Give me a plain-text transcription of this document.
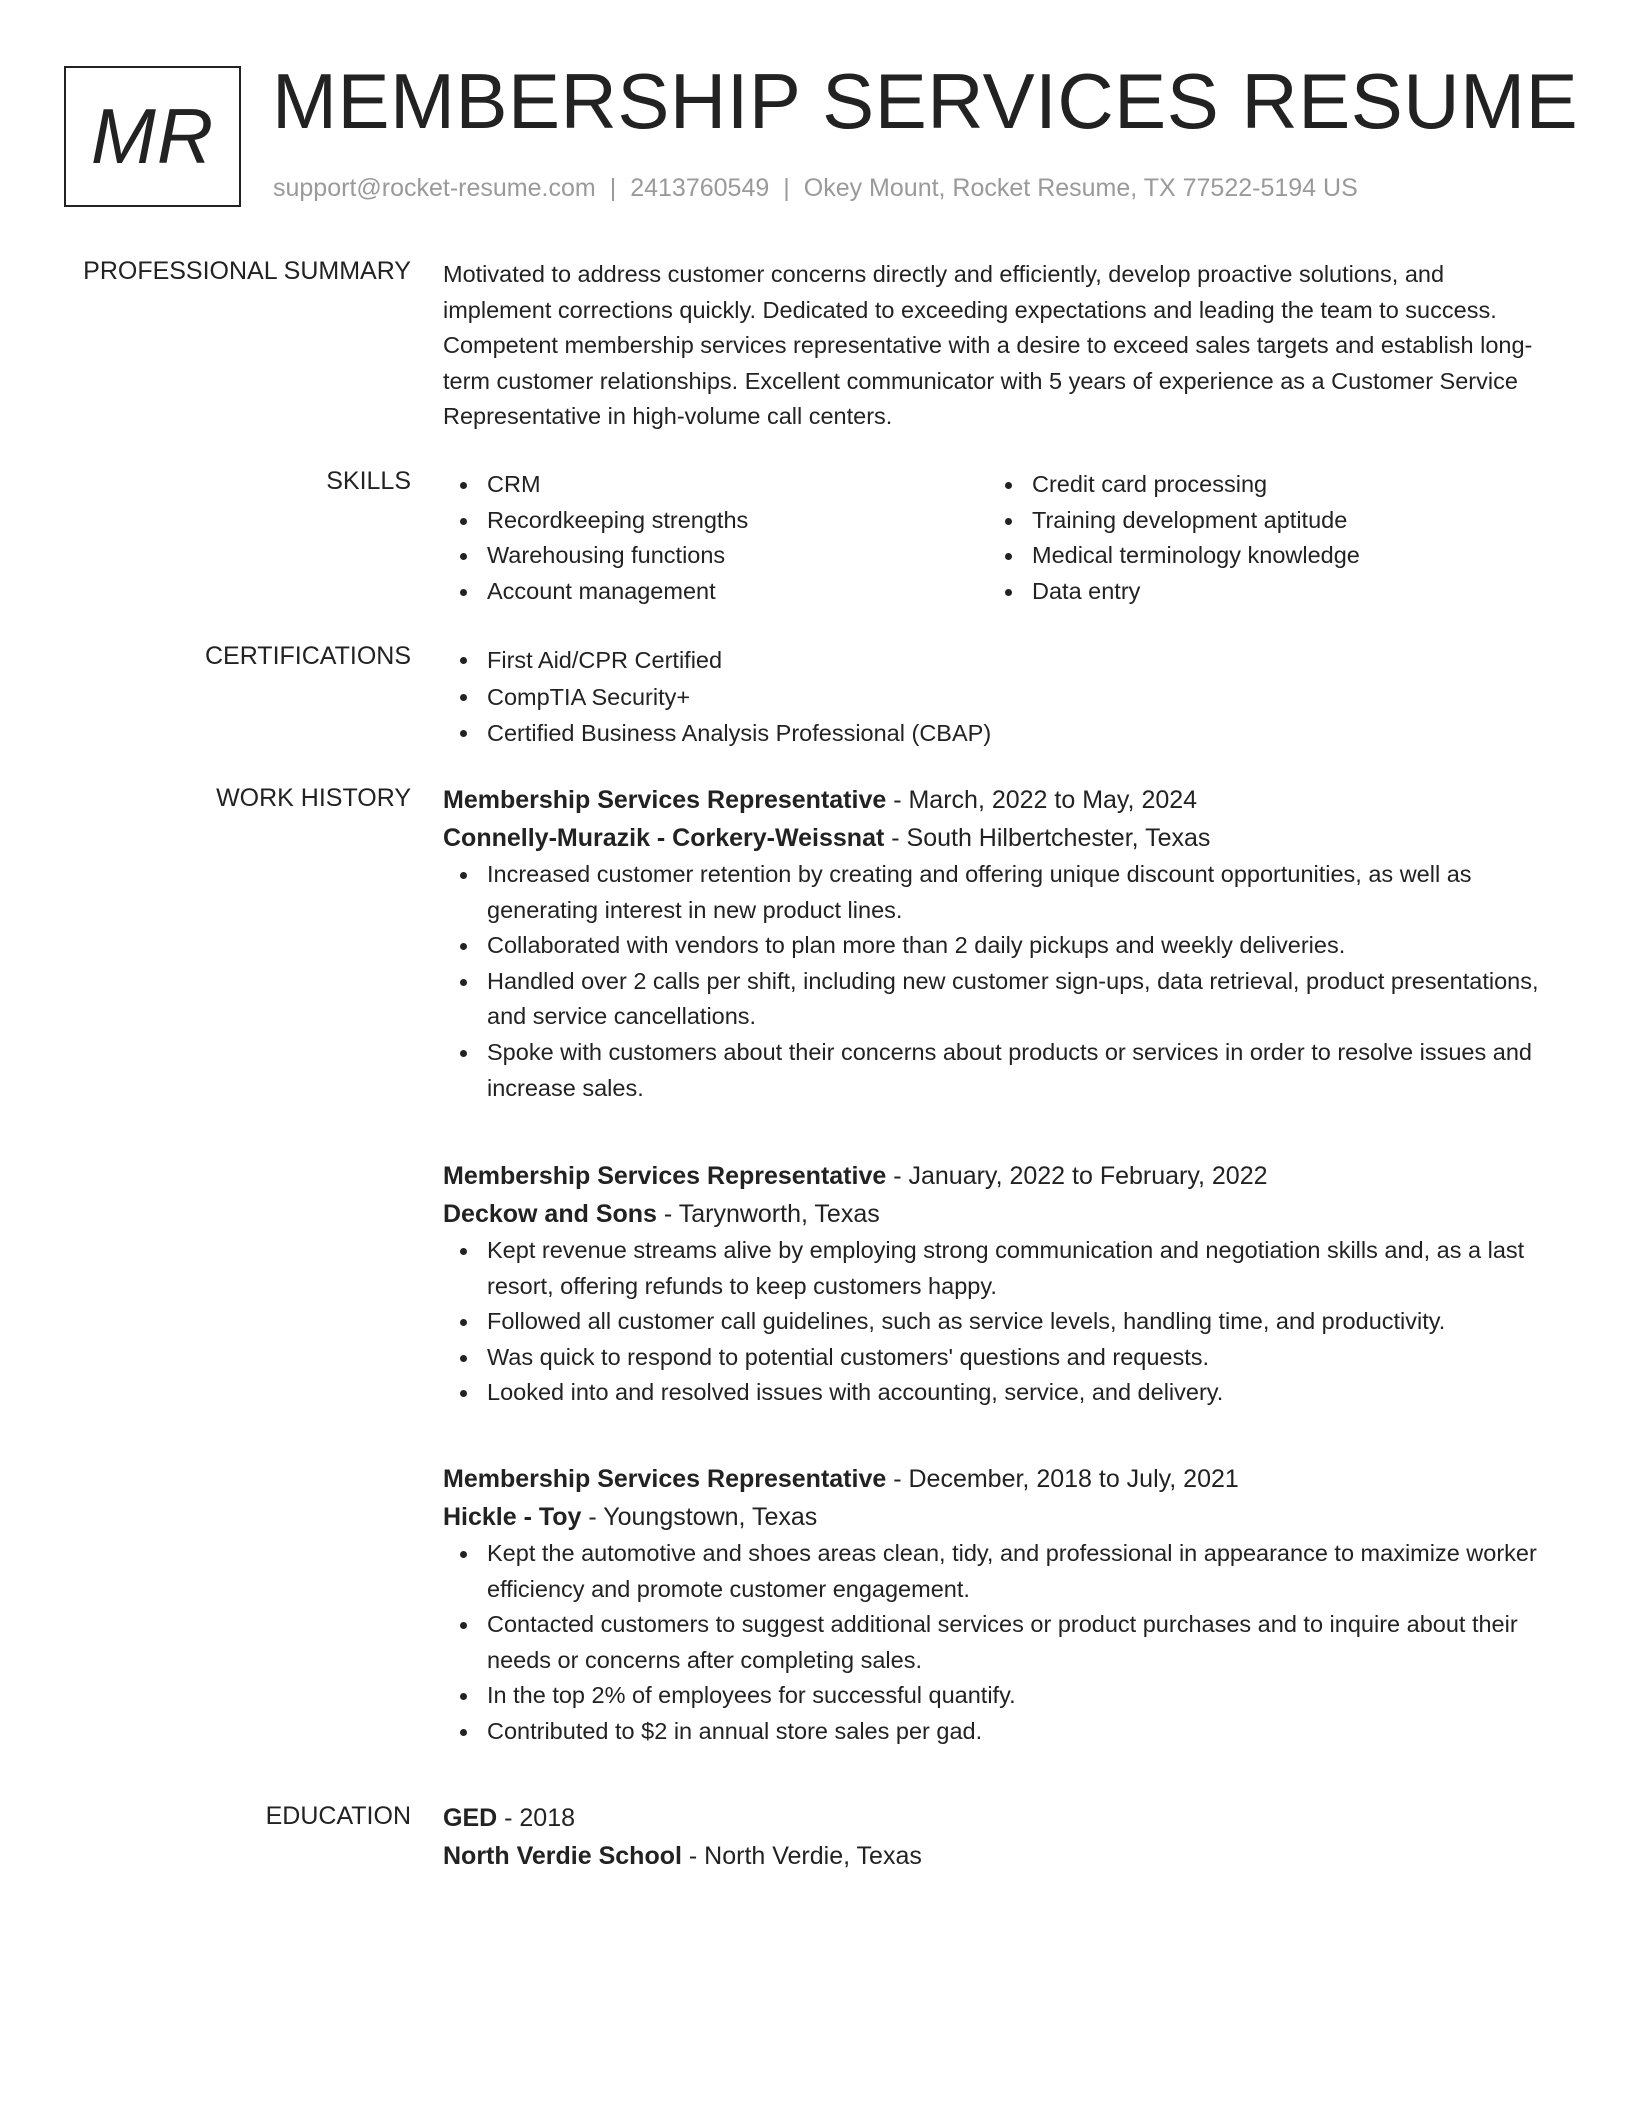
MR MEMBERSHIP SERVICES RESUME
support@rocket-resume.com | 2413760549 | Okey Mount, Rocket Resume, TX 77522-5194 US
PROFESSIONAL SUMMARY Motivated to address customer concerns directly and efficiently, develop proactive solutions, and implement corrections quickly. Dedicated to exceeding expectations and leading the team to success. Competent membership services representative with a desire to exceed sales targets and establish long-term customer relationships. Excellent communicator with 5 years of experience as a Customer Service Representative in high-volume call centers.
SKILLS	CRM
Recordkeeping strengths
Warehousing functions
Account management
Credit card processing
Training development aptitude
Medical terminology knowledge
Data entry
CERTIFICATIONS	First Aid/CPR Certified
CompTIA Security+
Certified Business Analysis Professional (CBAP)
WORK HISTORY Membership Services Representative - March, 2022 to May, 2024
Connelly-Murazik - Corkery-Weissnat - South Hilbertchester, Texas
Increased customer retention by creating and offering unique discount opportunities, as well as generating interest in new product lines.
Collaborated with vendors to plan more than 2 daily pickups and weekly deliveries.
Handled over 2 calls per shift, including new customer sign-ups, data retrieval, product presentations, and service cancellations.
Spoke with customers about their concerns about products or services in order to resolve issues and increase sales.
Membership Services Representative - January, 2022 to February, 2022
Deckow and Sons - Tarynworth, Texas
Kept revenue streams alive by employing strong communication and negotiation skills and, as a last resort, offering refunds to keep customers happy.
Followed all customer call guidelines, such as service levels, handling time, and productivity.
Was quick to respond to potential customers' questions and requests.
Looked into and resolved issues with accounting, service, and delivery.
Membership Services Representative - December, 2018 to July, 2021
Hickle - Toy - Youngstown, Texas
Kept the automotive and shoes areas clean, tidy, and professional in appearance to maximize worker efficiency and promote customer engagement.
Contacted customers to suggest additional services or product purchases and to inquire about their needs or concerns after completing sales.
In the top 2% of employees for successful quantify.
Contributed to $2 in annual store sales per gad.
EDUCATION GED - 2018
North Verdie School - North Verdie, Texas
